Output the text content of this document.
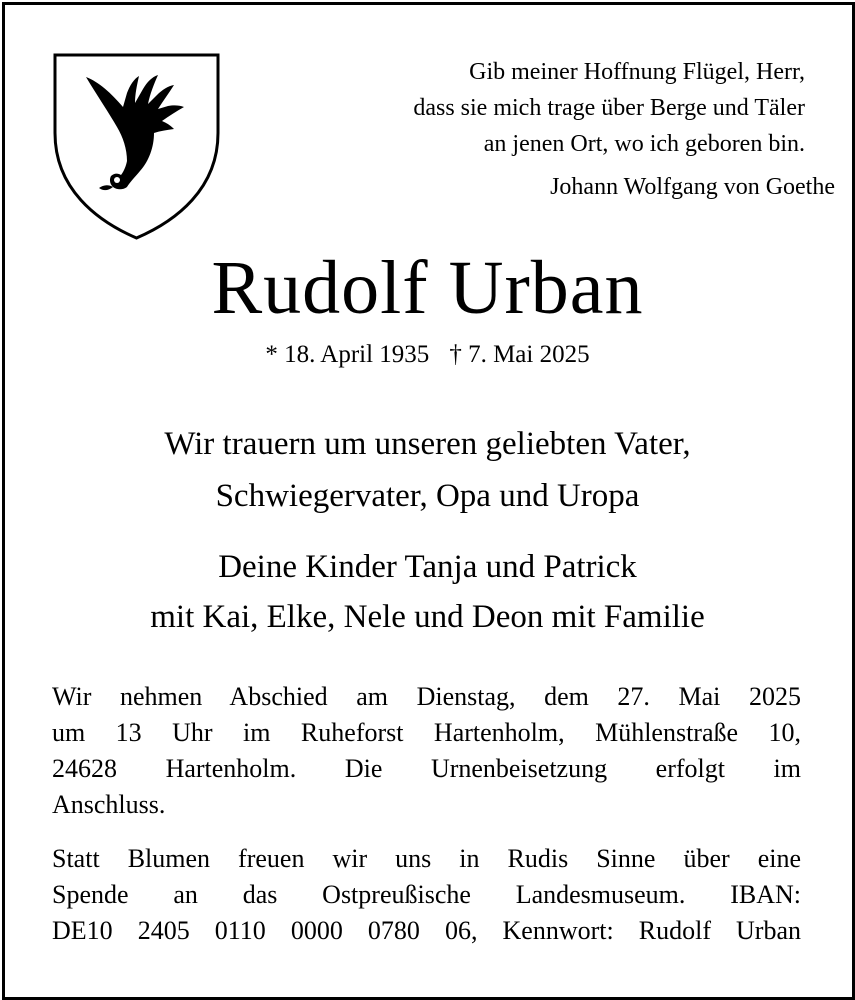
Gib meiner Hoffnung Flügel, Herr,
dass sie mich trage über Berge und Täler
an jenen Ort, wo ich geboren bin.
Johann Wolfgang von Goethe
Rudolf Urban
* 18. April 1935 † 7. Mai 2025
Wir trauern um unseren geliebten Vater,
Schwiegervater, Opa und Uropa
Deine Kinder Tanja und Patrick
mit Kai, Elke, Nele und Deon mit Familie
Wir nehmen Abschied am Dienstag, dem 27. Mai 2025
um 13 Uhr im Ruheforst Hartenholm, Mühlenstraße 10,
24628 Hartenholm. Die Urnenbeisetzung erfolgt im
Anschluss.
Statt Blumen freuen wir uns in Rudis Sinne über eine
Spende an das Ostpreußische Landesmuseum. IBAN:
DE10 2405 0110 0000 0780 06, Kennwort: Rudolf Urban
